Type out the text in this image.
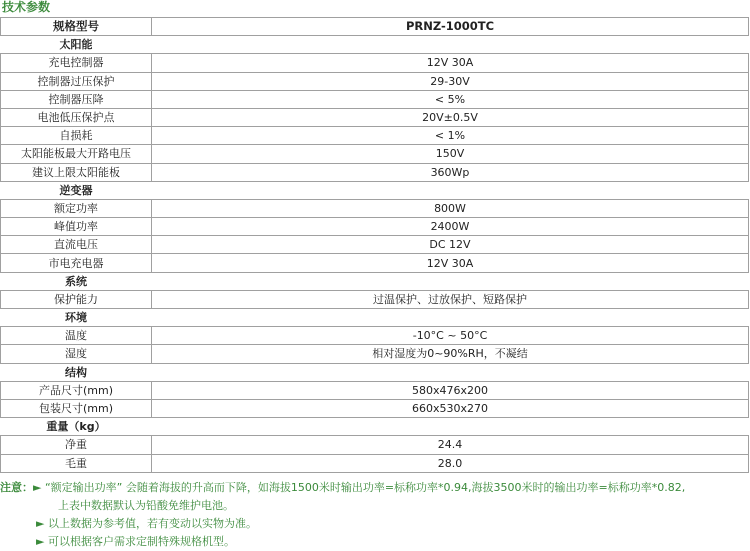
技术参数
规格型号	PRNZ-1000TC
太阳能	
充电控制器	12V 30A
控制器过压保护	29-30V
控制器压降	< 5%
电池低压保护点	20V±0.5V
自损耗	< 1%
太阳能板最大开路电压	150V
建议上限太阳能板	360Wp
逆变器	
额定功率	800W
峰值功率	2400W
直流电压	DC 12V
市电充电器	12V 30A
系统	
保护能力	过温保护、过放保护、短路保护
环境	
温度	-10°C ~ 50°C
湿度	相对湿度为0~90%RH，不凝结
结构	
产品尺寸(mm)	580x476x200
包装尺寸(mm)	660x530x270
重量（kg）	
净重	24.4
毛重	28.0
注意：► “额定输出功率” 会随着海拔的升高而下降，如海拔1500米时输出功率=标称功率*0.94,海拔3500米时的输出功率=标称功率*0.82,
上表中数据默认为铅酸免维护电池。
► 以上数据为参考值，若有变动以实物为准。
► 可以根据客户需求定制特殊规格机型。
